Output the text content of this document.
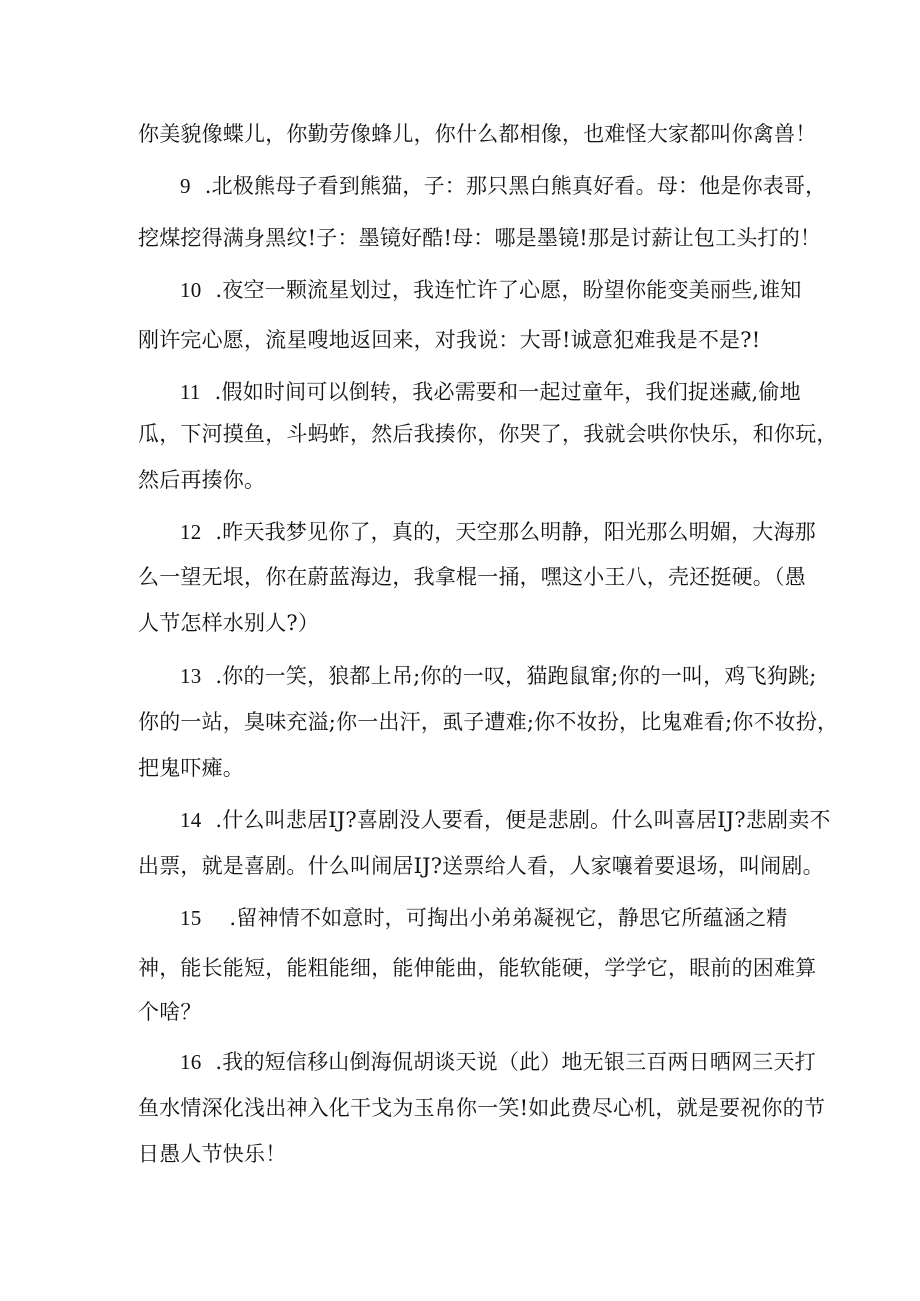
你美貌像蝶儿，你勤劳像蜂儿，你什么都相像，也难怪大家都叫你禽兽！
9 .北极熊母子看到熊猫，子：那只黑白熊真好看。母：他是你表哥，
挖煤挖得满身黑纹!子：墨镜好酷!母：哪是墨镜!那是讨薪让包工头打的！
10 .夜空一颗流星划过，我连忙许了心愿，盼望你能变美丽些,谁知
刚许完心愿，流星嗖地返回来，对我说：大哥!诚意犯难我是不是?!
11 .假如时间可以倒转，我必需要和一起过童年，我们捉迷藏,偷地
瓜，下河摸鱼，斗蚂蚱，然后我揍你，你哭了，我就会哄你快乐，和你玩，
然后再揍你。
12 .昨天我梦见你了，真的，天空那么明静，阳光那么明媚，大海那
么一望无垠，你在蔚蓝海边，我拿棍一捅，嘿这小王八，壳还挺硬。（愚
人节怎样水别人?）
13 .你的一笑，狼都上吊;你的一叹，猫跑鼠窜;你的一叫，鸡飞狗跳;
你的一站，臭味充溢;你一出汗，虱子遭难;你不妆扮，比鬼难看;你不妆扮，
把鬼吓瘫。
14 .什么叫悲居IJ?喜剧没人要看，便是悲剧。什么叫喜居IJ?悲剧卖不
出票，就是喜剧。什么叫闹居IJ?送票给人看，人家嚷着要退场，叫闹剧。
15 .留神情不如意时，可掏出小弟弟凝视它，静思它所蕴涵之精
神，能长能短，能粗能细，能伸能曲，能软能硬，学学它，眼前的困难算
个啥？
16 .我的短信移山倒海侃胡谈天说（此）地无银三百两日晒网三天打
鱼水情深化浅出神入化干戈为玉帛你一笑!如此费尽心机，就是要祝你的节
日愚人节快乐！
